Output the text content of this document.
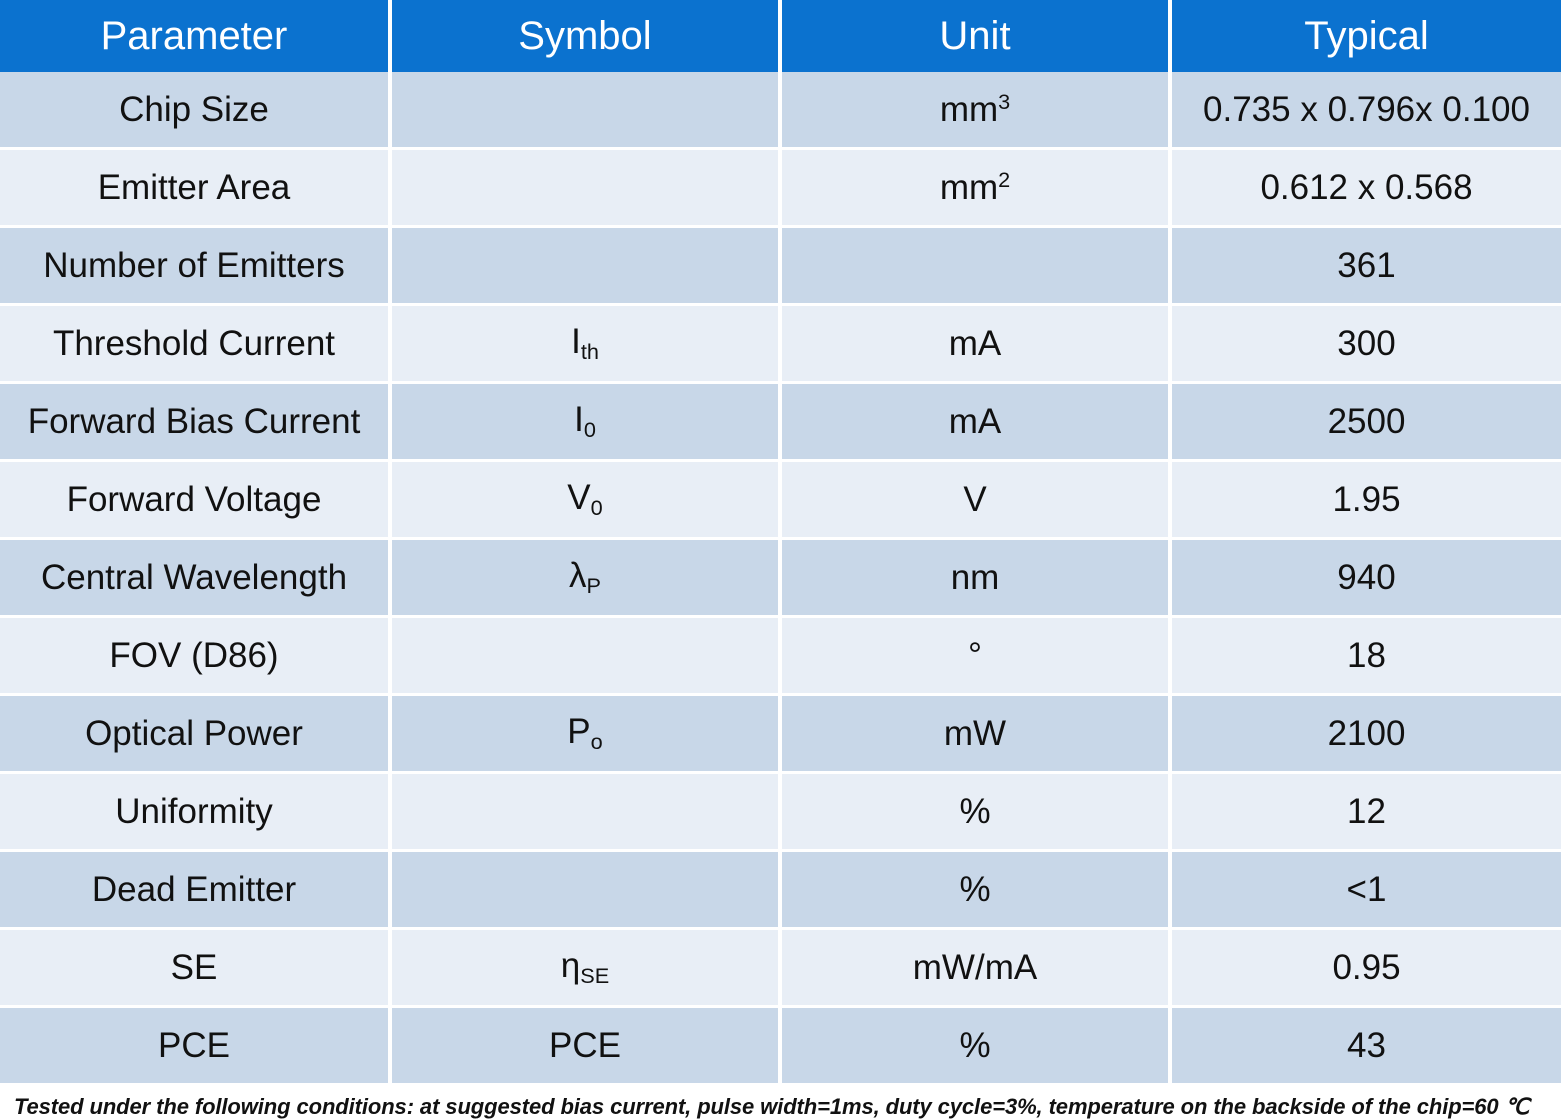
Parameter	Symbol	Unit	Typical
Chip Size		$mm^3$	0.735 x 0.796x 0.100
Emitter Area		$mm^2$	0.612 x 0.568
Number of Emitters			361
Threshold Current	$I_{th}$	mA	300
Forward Bias Current	$I_0$	mA	2500
Forward Voltage	$V_0$	V	1.95
Central Wavelength	$\lambda_P$	nm	940
FOV (D86)		°	18
Optical Power	$P_o$	mW	2100
Uniformity		%	12
Dead Emitter		%	<1
SE	$\eta_{SE}$	mW/mA	0.95
PCE	PCE	%	43
Tested under the following conditions: at suggested bias current, pulse width=1ms, duty cycle=3%, temperature on the backside of the chip=60 ℃
